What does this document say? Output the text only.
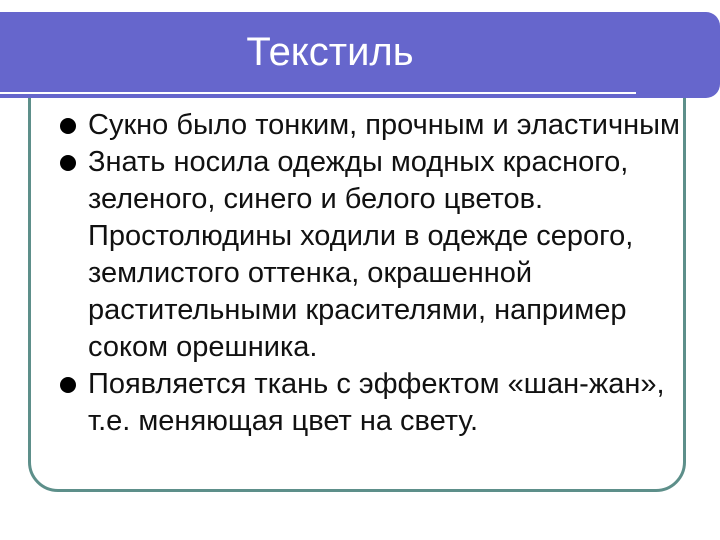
Текстиль
Сукно было тонким, прочным и эластичным
Знать носила одежды модных красного, зеленого, синего и белого цветов. Простолюдины ходили в одежде серого, землистого оттенка, окрашенной растительными красителями, например соком орешника.
Появляется ткань с эффектом «шан-жан», т.е. меняющая цвет на свету.
